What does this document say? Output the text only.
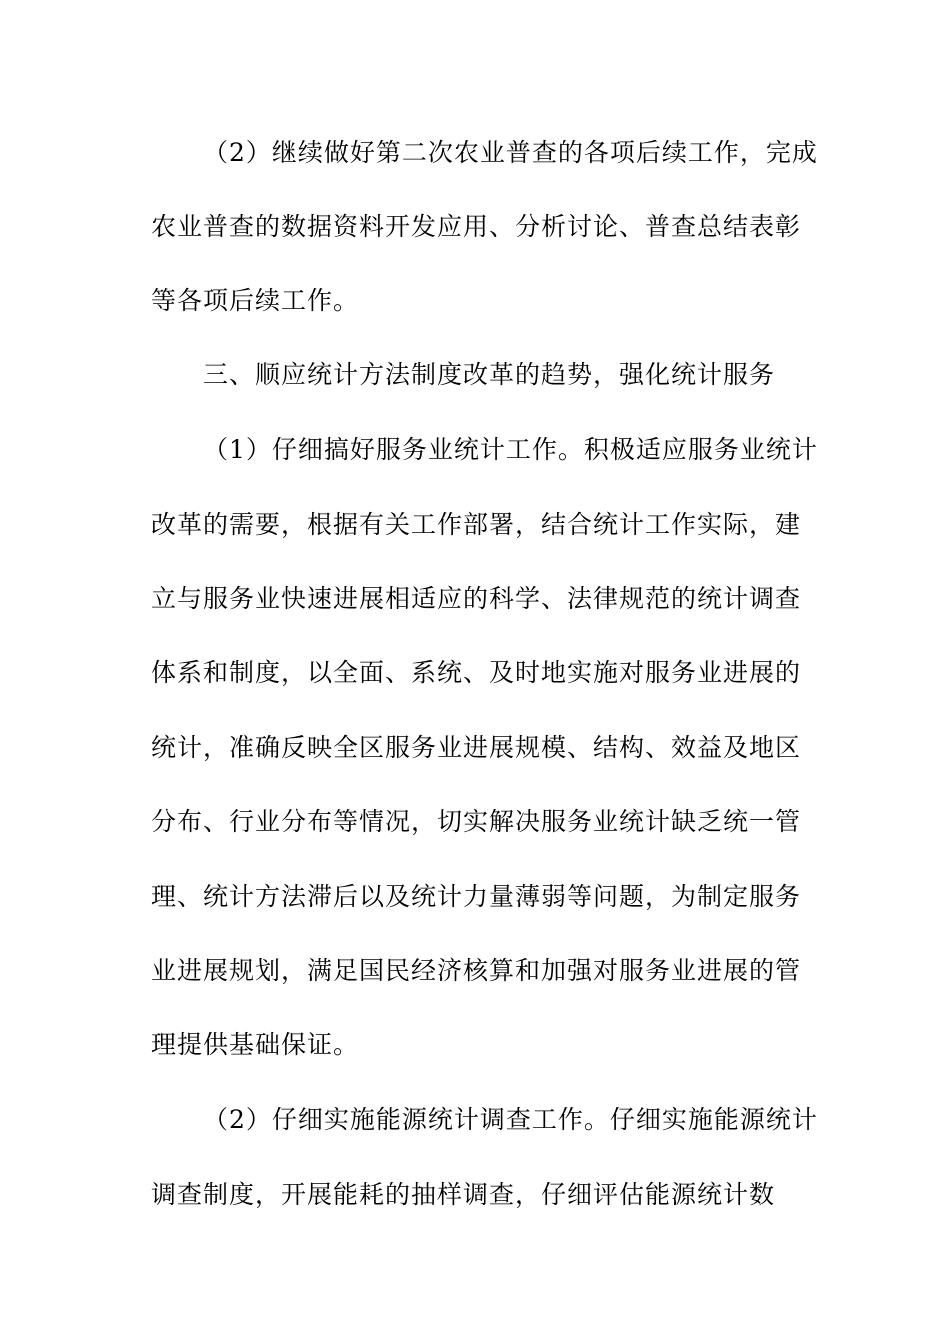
（2）继续做好第二次农业普查的各项后续工作，完成
农业普查的数据资料开发应用、分析讨论、普查总结表彰
等各项后续工作。
三、顺应统计方法制度改革的趋势，强化统计服务
（1）仔细搞好服务业统计工作。积极适应服务业统计
改革的需要，根据有关工作部署，结合统计工作实际，建
立与服务业快速进展相适应的科学、法律规范的统计调查
体系和制度，以全面、系统、及时地实施对服务业进展的
统计，准确反映全区服务业进展规模、结构、效益及地区
分布、行业分布等情况，切实解决服务业统计缺乏统一管
理、统计方法滞后以及统计力量薄弱等问题，为制定服务
业进展规划，满足国民经济核算和加强对服务业进展的管
理提供基础保证。
（2）仔细实施能源统计调查工作。仔细实施能源统计
调查制度，开展能耗的抽样调查，仔细评估能源统计数
